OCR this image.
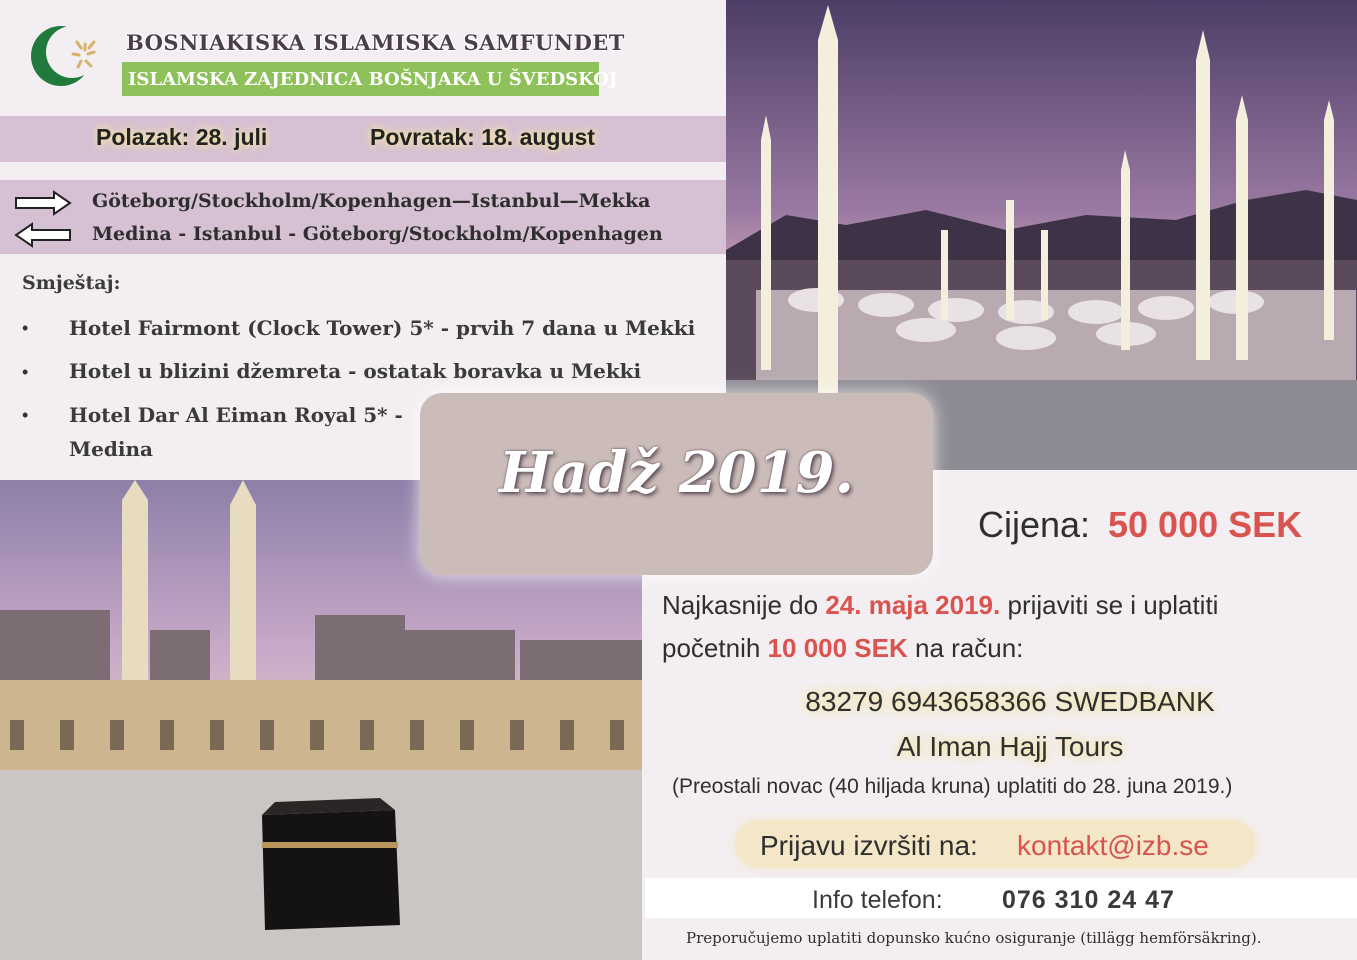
BOSNIAKISKA ISLAMISKA SAMFUNDET
ISLAMSKA ZAJEDNICA BOŠNJAKA U ŠVEDSKOJ
Polazak: 28. juli	Povratak: 18. august
Göteborg/Stockholm/Kopenhagen—Istanbul—Mekka
Medina - Istanbul - Göteborg/Stockholm/Kopenhagen
Smještaj:
•
•
•
Hotel Fairmont (Clock Tower) 5* - prvih 7 dana u Mekki
Hotel u blizini džemreta - ostatak boravka u Mekki
Hotel Dar Al Eiman Royal 5* - Medina	Hadž 2019.
Cijena: 50 000 SEK
Najkasnije do 24. maja 2019. prijaviti se i uplatiti
početnih 10 000 SEK na račun:
83279 6943658366 SWEDBANK
Al Iman Hajj Tours
(Preostali novac (40 hiljada kruna) uplatiti do 28. juna 2019.)
Prijavu izvršiti na: kontakt@izb.se
Info telefon: 076 310 24 47
Preporučujemo uplatiti dopunsko kućno osiguranje (tillägg hemförsäkring).
